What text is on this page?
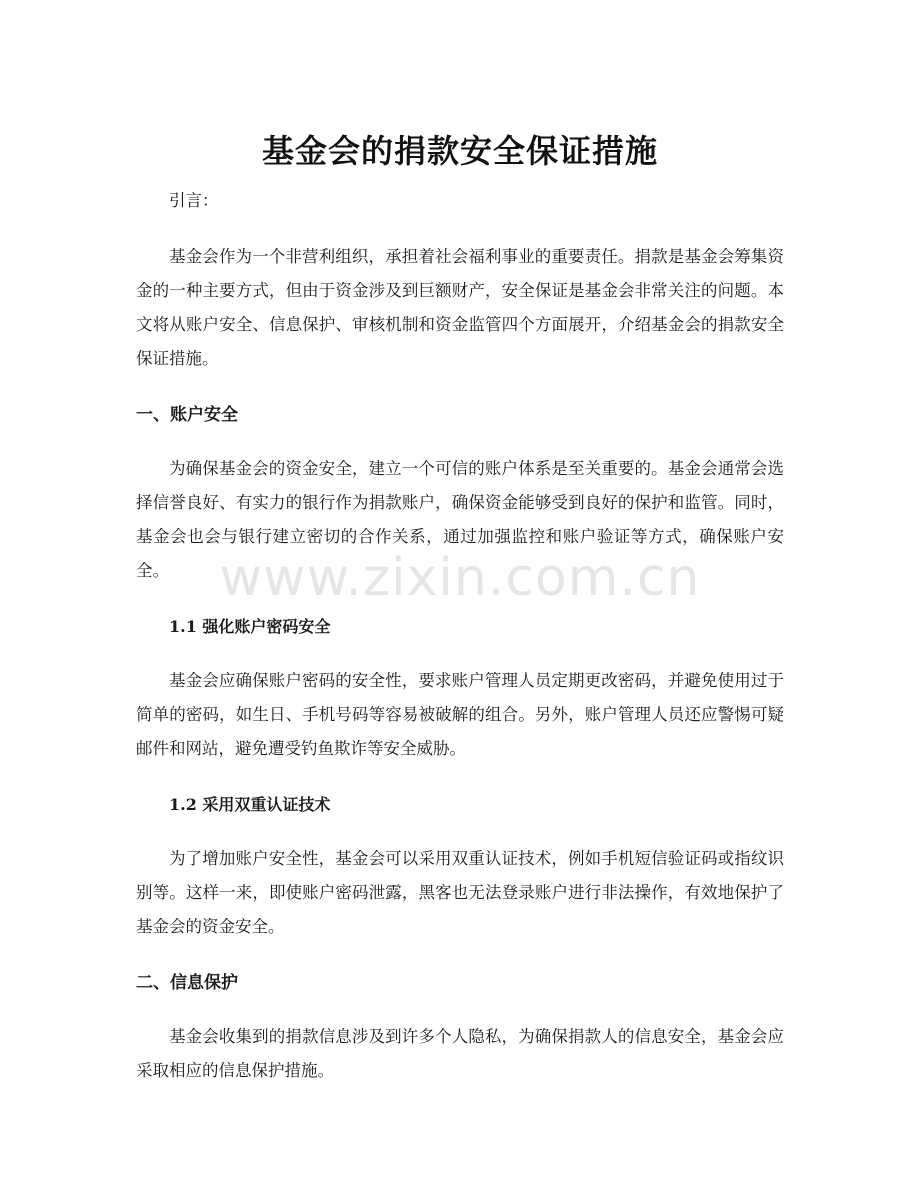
基金会的捐款安全保证措施

引言：

基金会作为一个非营利组织，承担着社会福利事业的重要责任。捐款是基金会筹集资金的一种主要方式，但由于资金涉及到巨额财产，安全保证是基金会非常关注的问题。本文将从账户安全、信息保护、审核机制和资金监管四个方面展开，介绍基金会的捐款安全保证措施。

一、账户安全

为确保基金会的资金安全，建立一个可信的账户体系是至关重要的。基金会通常会选择信誉良好、有实力的银行作为捐款账户，确保资金能够受到良好的保护和监管。同时，基金会也会与银行建立密切的合作关系，通过加强监控和账户验证等方式，确保账户安全。

1.1 强化账户密码安全

基金会应确保账户密码的安全性，要求账户管理人员定期更改密码，并避免使用过于简单的密码，如生日、手机号码等容易被破解的组合。另外，账户管理人员还应警惕可疑邮件和网站，避免遭受钓鱼欺诈等安全威胁。

1.2 采用双重认证技术

为了增加账户安全性，基金会可以采用双重认证技术，例如手机短信验证码或指纹识别等。这样一来，即使账户密码泄露，黑客也无法登录账户进行非法操作，有效地保护了基金会的资金安全。

二、信息保护

基金会收集到的捐款信息涉及到许多个人隐私，为确保捐款人的信息安全，基金会应采取相应的信息保护措施。

www.zixin.com.cn
